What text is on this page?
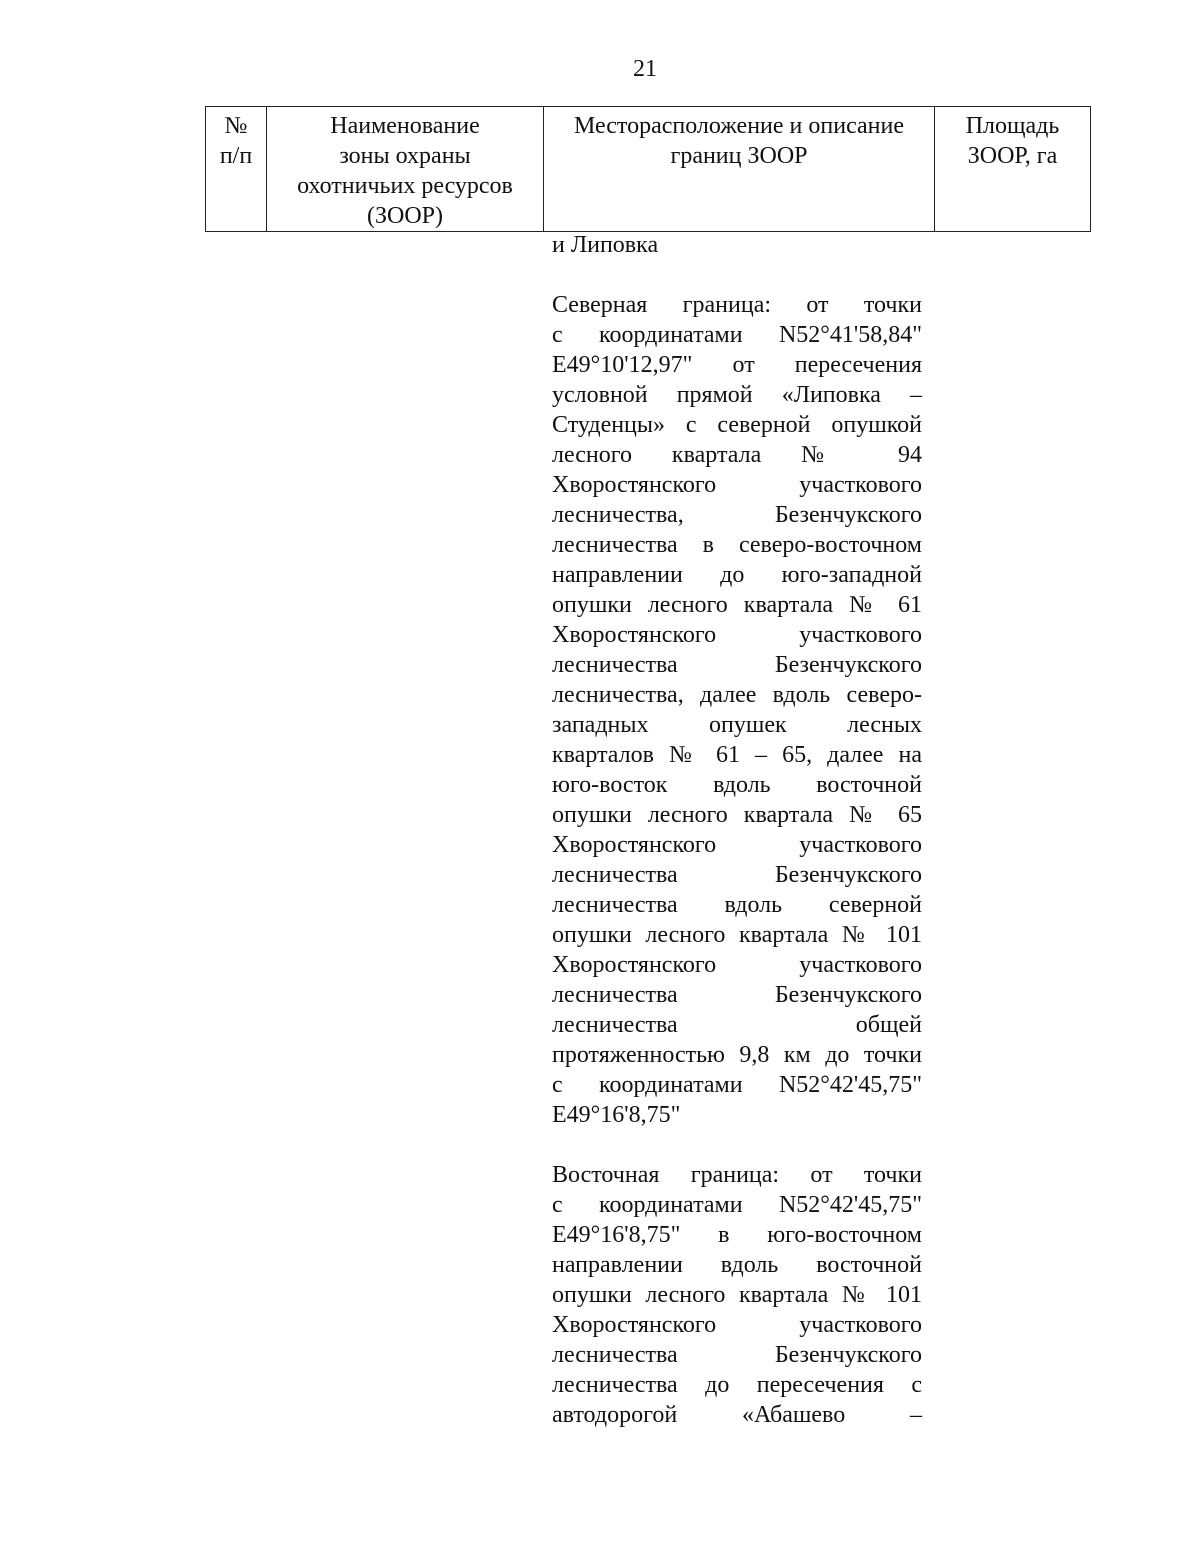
21
№
п/п

Наименование
зоны охраны
охотничьих ресурсов
(ЗООР)

Месторасположение и описание
границ ЗООР

Площадь
ЗООР, га
и Липовка
Северная граница: от точки
с координатами N52°41'58,84"
E49°10'12,97" от пересечения
условной прямой «Липовка –
Студенцы» с северной опушкой
лесного квартала № 94
Хворостянского участкового
лесничества, Безенчукского
лесничества в северо-восточном
направлении до юго-западной
опушки лесного квартала № 61
Хворостянского участкового
лесничества Безенчукского
лесничества, далее вдоль северо-
западных опушек лесных
кварталов № 61 – 65, далее на
юго-восток вдоль восточной
опушки лесного квартала № 65
Хворостянского участкового
лесничества Безенчукского
лесничества вдоль северной
опушки лесного квартала № 101
Хворостянского участкового
лесничества Безенчукского
лесничества общей
протяженностью 9,8 км до точки
с координатами N52°42'45,75"
E49°16'8,75"
Восточная граница: от точки
с координатами N52°42'45,75"
E49°16'8,75" в юго-восточном
направлении вдоль восточной
опушки лесного квартала № 101
Хворостянского участкового
лесничества Безенчукского
лесничества до пересечения с
автодорогой «Абашево –
